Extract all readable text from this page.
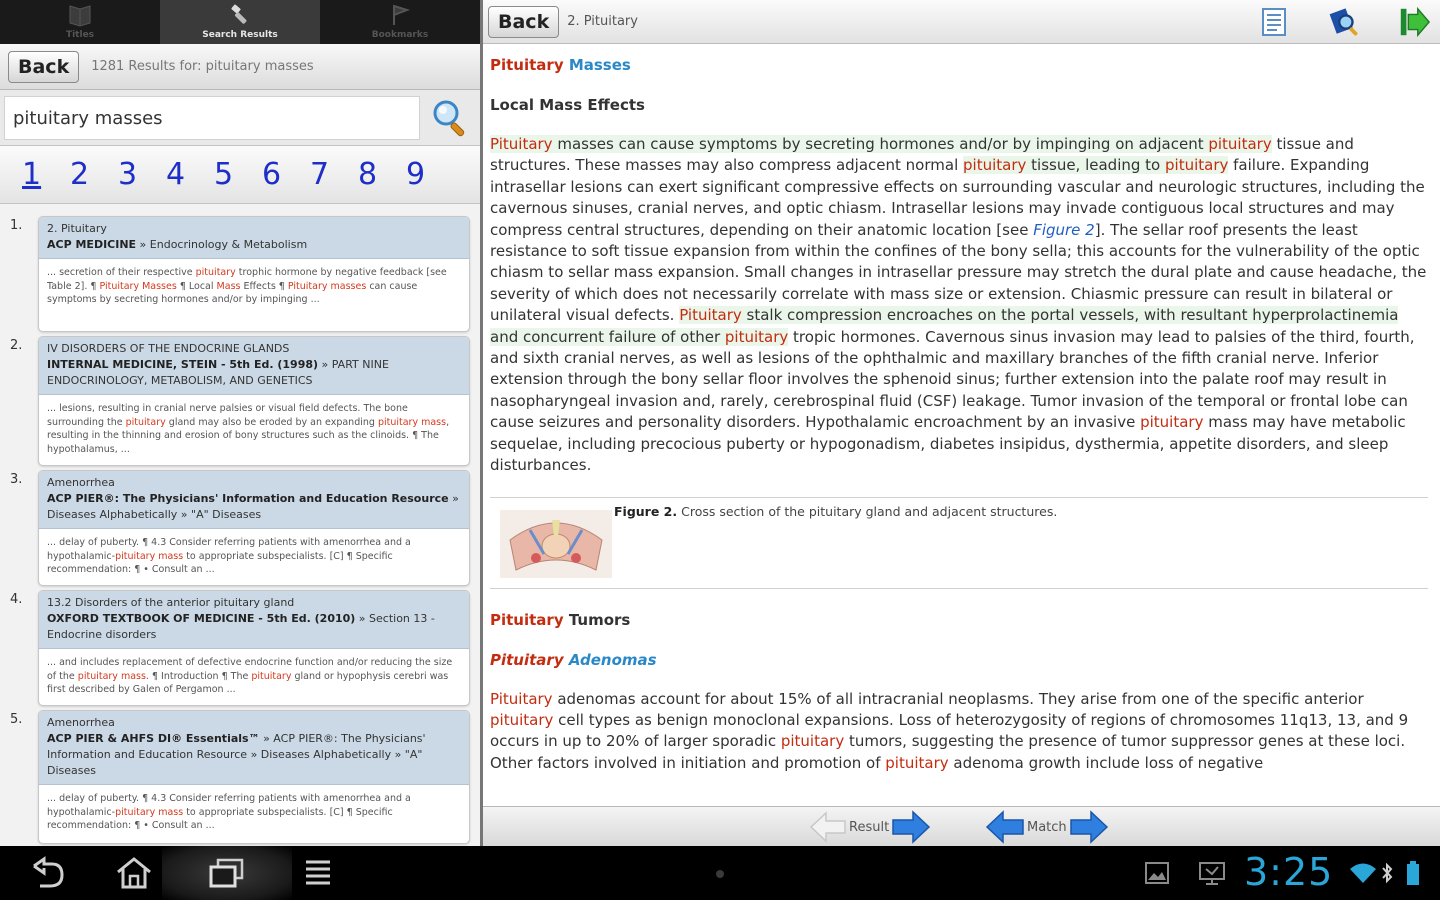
Titles	Search Results	Bookmarks
Back	1281 Results for: pituitary masses
pituitary masses
1 2 3 4 5 6 7 8 9
1. 2. Pituitary
ACP MEDICINE » Endocrinology & Metabolism
... secretion of their respective pituitary trophic hormone by negative feedback [see Table 2]. ¶ Pituitary Masses ¶ Local Mass Effects ¶ Pituitary masses can cause symptoms by secreting hormones and/or by impinging ...
2. IV DISORDERS OF THE ENDOCRINE GLANDS
INTERNAL MEDICINE, STEIN - 5th Ed. (1998) » PART NINE ENDOCRINOLOGY, METABOLISM, AND GENETICS
... lesions, resulting in cranial nerve palsies or visual field defects. The bone surrounding the pituitary gland may also be eroded by an expanding pituitary mass, resulting in the thinning and erosion of bony structures such as the clinoids. ¶ The hypothalamus, ...
3. Amenorrhea
ACP PIER®: The Physicians' Information and Education Resource » Diseases Alphabetically » "A" Diseases
... delay of puberty. ¶ 4.3 Consider referring patients with amenorrhea and a hypothalamic-pituitary mass to appropriate subspecialists. [C] ¶ Specific recommendation: ¶ • Consult an ...
4. 13.2 Disorders of the anterior pituitary gland
OXFORD TEXTBOOK OF MEDICINE - 5th Ed. (2010) » Section 13 - Endocrine disorders
... and includes replacement of defective endocrine function and/or reducing the size of the pituitary mass. ¶ Introduction ¶ The pituitary gland or hypophysis cerebri was first described by Galen of Pergamon ...
5. Amenorrhea
ACP PIER & AHFS DI® Essentials™ » ACP PIER®: The Physicians' Information and Education Resource » Diseases Alphabetically » "A" Diseases
... delay of puberty. ¶ 4.3 Consider referring patients with amenorrhea and a hypothalamic-pituitary mass to appropriate subspecialists. [C] ¶ Specific recommendation: ¶ • Consult an ...
Back	2. Pituitary
Pituitary Masses
Local Mass Effects
Pituitary masses can cause symptoms by secreting hormones and/or by impinging on adjacent pituitary tissue and structures. These masses may also compress adjacent normal pituitary tissue, leading to pituitary failure. Expanding intrasellar lesions can exert significant compressive effects on surrounding vascular and neurologic structures, including the cavernous sinuses, cranial nerves, and optic chiasm. Intrasellar lesions may invade contiguous local structures and may compress central structures, depending on their anatomic location [see Figure 2]. The sellar roof presents the least resistance to soft tissue expansion from within the confines of the bony sella; this accounts for the vulnerability of the optic chiasm to sellar mass expansion. Small changes in intrasellar pressure may stretch the dural plate and cause headache, the severity of which does not necessarily correlate with mass size or extension. Chiasmic pressure can result in bilateral or unilateral visual defects. Pituitary stalk compression encroaches on the portal vessels, with resultant hyperprolactinemia and concurrent failure of other pituitary tropic hormones. Cavernous sinus invasion may lead to palsies of the third, fourth, and sixth cranial nerves, as well as lesions of the ophthalmic and maxillary branches of the fifth cranial nerve. Inferior extension through the bony sellar floor involves the sphenoid sinus; further extension into the palate roof may result in nasopharyngeal invasion and, rarely, cerebrospinal fluid (CSF) leakage. Tumor invasion of the temporal or frontal lobe can cause seizures and personality disorders. Hypothalamic encroachment by an invasive pituitary mass may have metabolic sequelae, including precocious puberty or hypogonadism, diabetes insipidus, dysthermia, appetite disorders, and sleep disturbances.
Figure 2. Cross section of the pituitary gland and adjacent structures.
Pituitary Tumors
Pituitary Adenomas
Pituitary adenomas account for about 15% of all intracranial neoplasms. They arise from one of the specific anterior pituitary cell types as benign monoclonal expansions. Loss of heterozygosity of regions of chromosomes 11q13, 13, and 9 occurs in up to 20% of larger sporadic pituitary tumors, suggesting the presence of tumor suppressor genes at these loci. Other factors involved in initiation and promotion of pituitary adenoma growth include loss of negative
Result	Match
3:25
